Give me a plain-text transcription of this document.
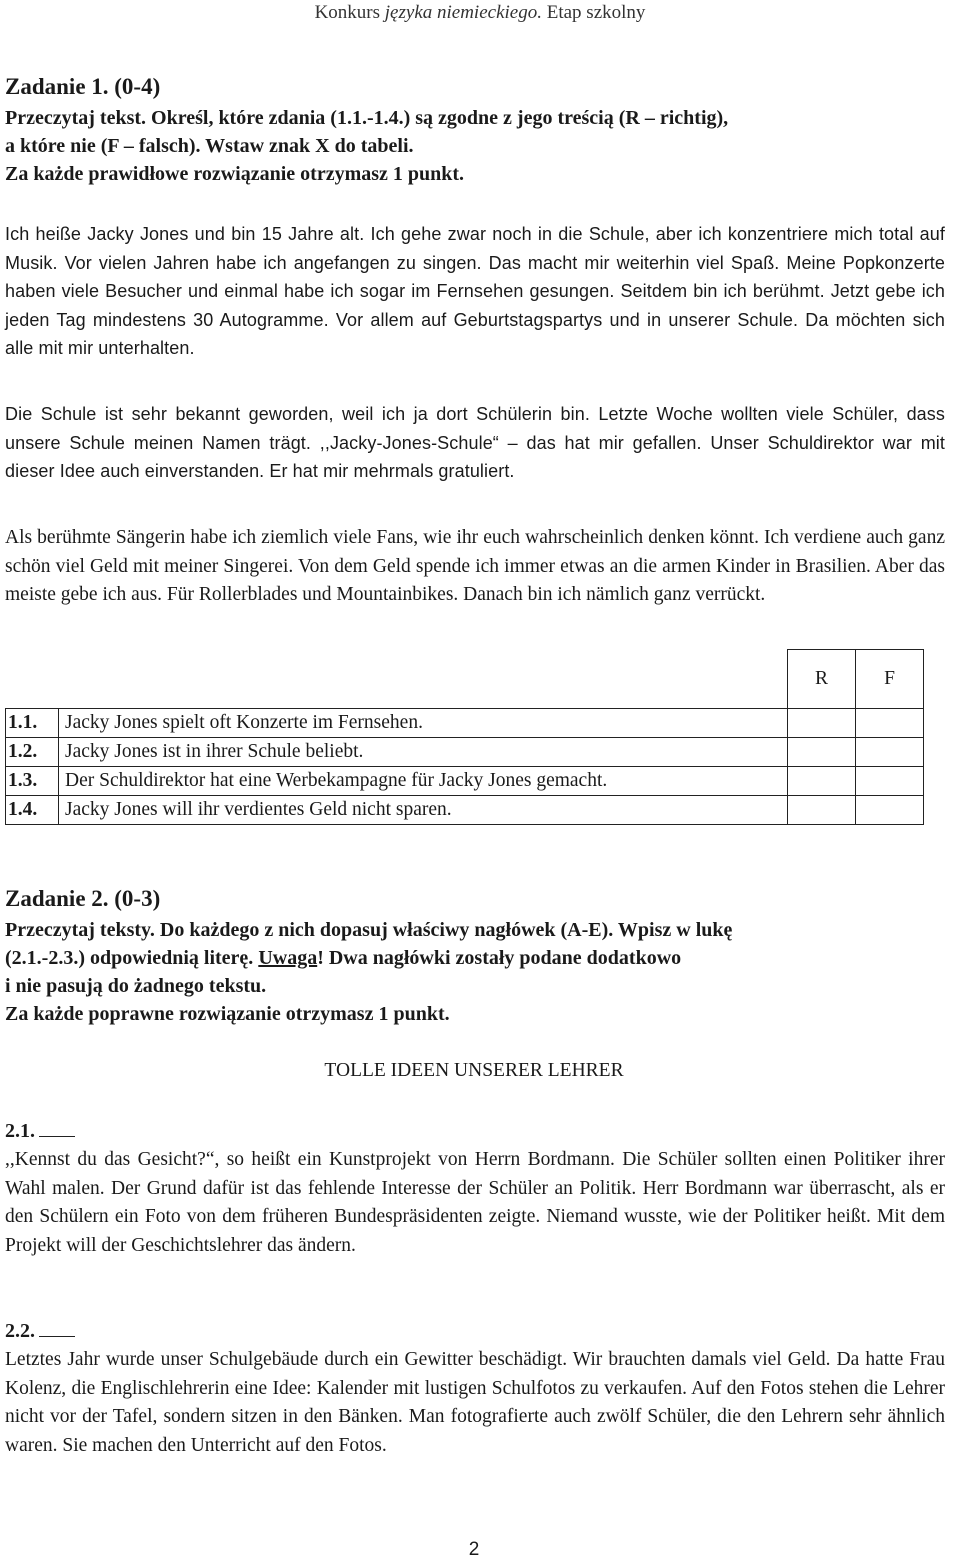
Konkurs języka niemieckiego. Etap szkolny
Zadanie 1. (0-4)
Przeczytaj tekst. Określ, które zdania (1.1.-1.4.) są zgodne z jego treścią (R – richtig),
a które nie (F – falsch). Wstaw znak X do tabeli.
Za każde prawidłowe rozwiązanie otrzymasz 1 punkt.
Ich heiße Jacky Jones und bin 15 Jahre alt. Ich gehe zwar noch in die Schule, aber ich konzentriere mich total auf Musik. Vor vielen Jahren habe ich angefangen zu singen. Das macht mir weiterhin viel Spaß. Meine Popkonzerte haben viele Besucher und einmal habe ich sogar im Fernsehen gesungen. Seitdem bin ich berühmt. Jetzt gebe ich jeden Tag mindestens 30 Autogramme. Vor allem auf Geburtstagspartys und in unserer Schule. Da möchten sich alle mit mir unterhalten.
Die Schule ist sehr bekannt geworden, weil ich ja dort Schülerin bin. Letzte Woche wollten viele Schüler, dass unsere Schule meinen Namen trägt. ,,Jacky-Jones-Schule“ – das hat mir gefallen. Unser Schuldirektor war mit dieser Idee auch einverstanden. Er hat mir mehrmals gratuliert.
Als berühmte Sängerin habe ich ziemlich viele Fans, wie ihr euch wahrscheinlich denken könnt. Ich verdiene auch ganz schön viel Geld mit meiner Singerei. Von dem Geld spende ich immer etwas an die armen Kinder in Brasilien. Aber das meiste gebe ich aus. Für Rollerblades und Mountainbikes. Danach bin ich nämlich ganz verrückt.
		R	F
1.1.	Jacky Jones spielt oft Konzerte im Fernsehen.		
1.2.	Jacky Jones ist in ihrer Schule beliebt.		
1.3.	Der Schuldirektor hat eine Werbekampagne für Jacky Jones gemacht.		
1.4.	Jacky Jones will ihr verdientes Geld nicht sparen.		
Zadanie 2. (0-3)
Przeczytaj teksty. Do każdego z nich dopasuj właściwy nagłówek (A-E). Wpisz w lukę
(2.1.-2.3.) odpowiednią literę. Uwaga! Dwa nagłówki zostały podane dodatkowo
i nie pasują do żadnego tekstu.
Za każde poprawne rozwiązanie otrzymasz 1 punkt.
TOLLE IDEEN UNSERER LEHRER
2.1.
,,Kennst du das Gesicht?“, so heißt ein Kunstprojekt von Herrn Bordmann. Die Schüler sollten einen Politiker ihrer Wahl malen. Der Grund dafür ist das fehlende Interesse der Schüler an Politik. Herr Bordmann war überrascht, als er den Schülern ein Foto von dem früheren Bundespräsidenten zeigte. Niemand wusste, wie der Politiker heißt. Mit dem Projekt will der Geschichtslehrer das ändern.
2.2.
Letztes Jahr wurde unser Schulgebäude durch ein Gewitter beschädigt. Wir brauchten damals viel Geld. Da hatte Frau Kolenz, die Englischlehrerin eine Idee: Kalender mit lustigen Schulfotos zu verkaufen. Auf den Fotos stehen die Lehrer nicht vor der Tafel, sondern sitzen in den Bänken. Man fotografierte auch zwölf Schüler, die den Lehrern sehr ähnlich waren. Sie machen den Unterricht auf den Fotos.
2
